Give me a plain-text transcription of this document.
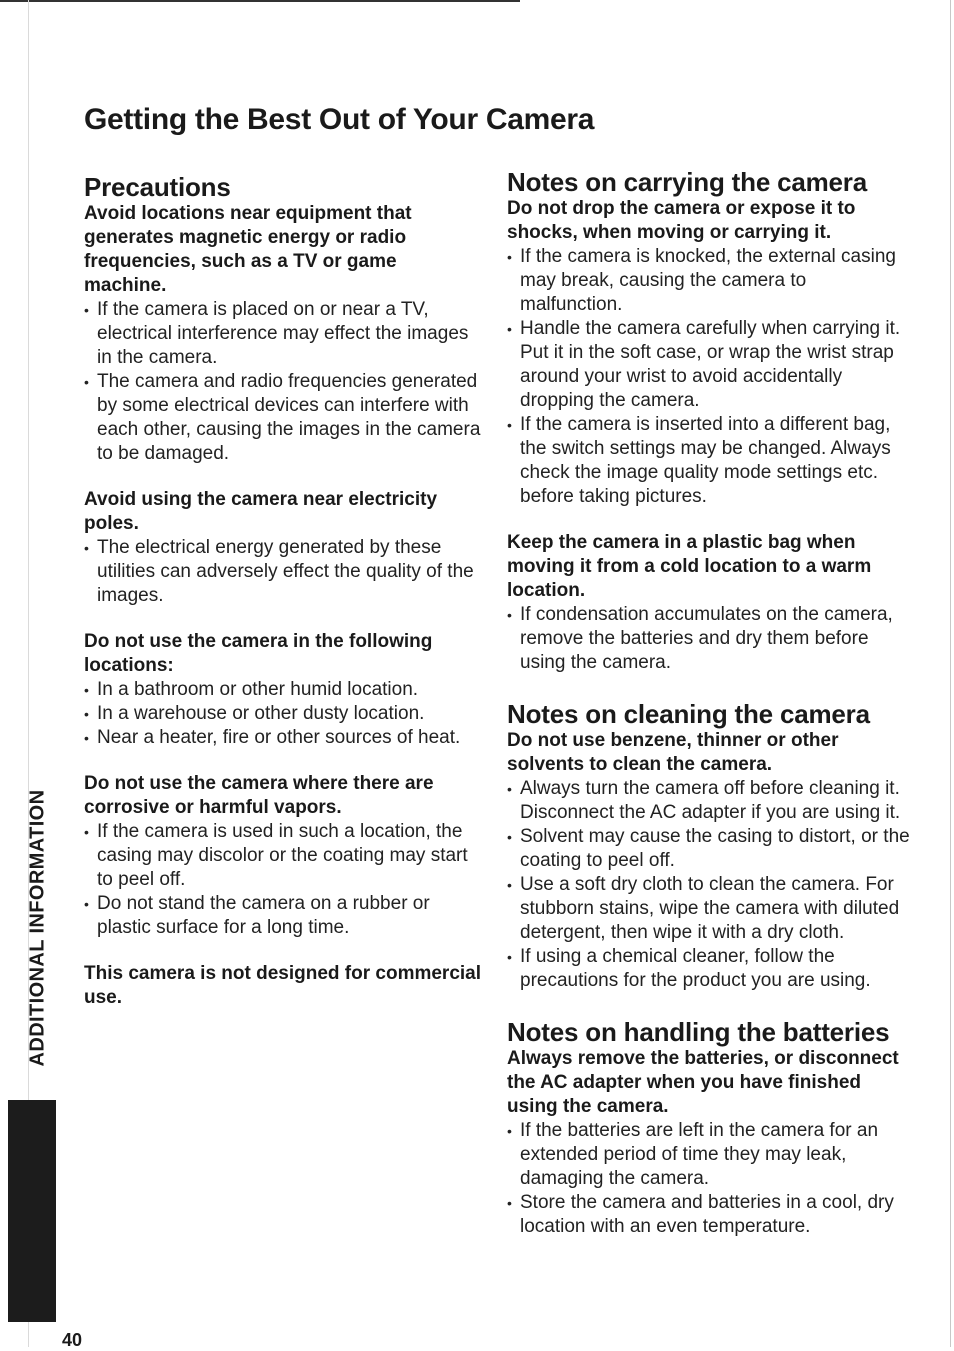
Getting the Best Out of Your Camera
Precautions

Avoid locations near equipment that generates magnetic energy or radio frequencies, such as a TV or game machine.

• If the camera is placed on or near a TV, electrical interference may effect the images in the camera.
• The camera and radio frequencies generated by some electrical devices can interfere with each other, causing the images in the camera to be damaged.

Avoid using the camera near electricity poles.

• The electrical energy generated by these utilities can adversely effect the quality of the images.

Do not use the camera in the following locations:

• In a bathroom or other humid location.
• In a warehouse or other dusty location.
• Near a heater, fire or other sources of heat.

Do not use the camera where there are corrosive or harmful vapors.

• If the camera is used in such a location, the casing may discolor or the coating may start to peel off.
• Do not stand the camera on a rubber or plastic surface for a long time.

This camera is not designed for commercial use.

Notes on carrying the camera

Do not drop the camera or expose it to shocks, when moving or carrying it.

• If the camera is knocked, the external casing may break, causing the camera to malfunction.
• Handle the camera carefully when carrying it. Put it in the soft case, or wrap the wrist strap around your wrist to avoid accidentally dropping the camera.
• If the camera is inserted into a different bag, the switch settings may be changed. Always check the image quality mode settings etc. before taking pictures.

Keep the camera in a plastic bag when moving it from a cold location to a warm location.

• If condensation accumulates on the camera, remove the batteries and dry them before using the camera.
Notes on cleaning the camera

Do not use benzene, thinner or other solvents to clean the camera.

• Always turn the camera off before cleaning it. Disconnect the AC adapter if you are using it.
• Solvent may cause the casing to distort, or the coating to peel off.
• Use a soft dry cloth to clean the camera. For stubborn stains, wipe the camera with diluted detergent, then wipe it with a dry cloth.
• If using a chemical cleaner, follow the precautions for the product you are using.
Notes on handling the batteries

Always remove the batteries, or disconnect the AC adapter when you have finished using the camera.

• If the batteries are left in the camera for an extended period of time they may leak, damaging the camera.
• Store the camera and batteries in a cool, dry location with an even temperature.
ADDITIONAL INFORMATION
40
